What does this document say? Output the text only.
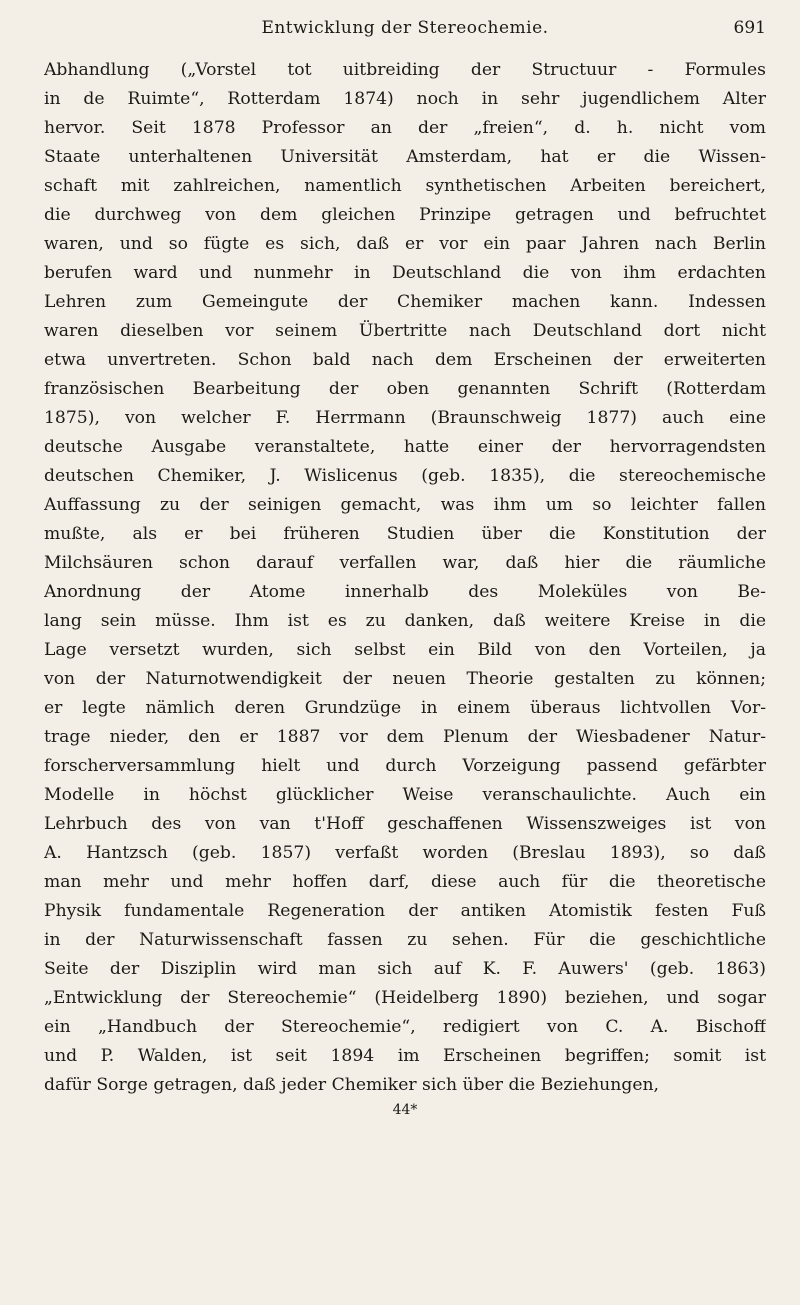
Entwicklung der Stereochemie.	691
Abhandlung („Vorstel tot uitbreiding der Structuur - Formules
in de Ruimte“, Rotterdam 1874) noch in sehr jugendlichem Alter
hervor. Seit 1878 Professor an der „freien“, d. h. nicht vom
Staate unterhaltenen Universität Amsterdam, hat er die Wissen-
schaft mit zahlreichen, namentlich synthetischen Arbeiten bereichert,
die durchweg von dem gleichen Prinzipe getragen und befruchtet
waren, und so fügte es sich, daß er vor ein paar Jahren nach Berlin
berufen ward und nunmehr in Deutschland die von ihm erdachten
Lehren zum Gemeingute der Chemiker machen kann. Indessen
waren dieselben vor seinem Übertritte nach Deutschland dort nicht
etwa unvertreten. Schon bald nach dem Erscheinen der erweiterten
französischen Bearbeitung der oben genannten Schrift (Rotterdam
1875), von welcher F. Herrmann (Braunschweig 1877) auch eine
deutsche Ausgabe veranstaltete, hatte einer der hervorragendsten
deutschen Chemiker, J. Wislicenus (geb. 1835), die stereochemische
Auffassung zu der seinigen gemacht, was ihm um so leichter fallen
mußte, als er bei früheren Studien über die Konstitution der
Milchsäuren schon darauf verfallen war, daß hier die räumliche
Anordnung der Atome innerhalb des Moleküles von Be-
lang sein müsse. Ihm ist es zu danken, daß weitere Kreise in die
Lage versetzt wurden, sich selbst ein Bild von den Vorteilen, ja
von der Naturnotwendigkeit der neuen Theorie gestalten zu können;
er legte nämlich deren Grundzüge in einem überaus lichtvollen Vor-
trage nieder, den er 1887 vor dem Plenum der Wiesbadener Natur-
forscherversammlung hielt und durch Vorzeigung passend gefärbter
Modelle in höchst glücklicher Weise veranschaulichte. Auch ein
Lehrbuch des von van t'Hoff geschaffenen Wissenszweiges ist von
A. Hantzsch (geb. 1857) verfaßt worden (Breslau 1893), so daß
man mehr und mehr hoffen darf, diese auch für die theoretische
Physik fundamentale Regeneration der antiken Atomistik festen Fuß
in der Naturwissenschaft fassen zu sehen. Für die geschichtliche
Seite der Disziplin wird man sich auf K. F. Auwers' (geb. 1863)
„Entwicklung der Stereochemie“ (Heidelberg 1890) beziehen, und sogar
ein „Handbuch der Stereochemie“, redigiert von C. A. Bischoff
und P. Walden, ist seit 1894 im Erscheinen begriffen; somit ist
dafür Sorge getragen, daß jeder Chemiker sich über die Beziehungen,
44*
